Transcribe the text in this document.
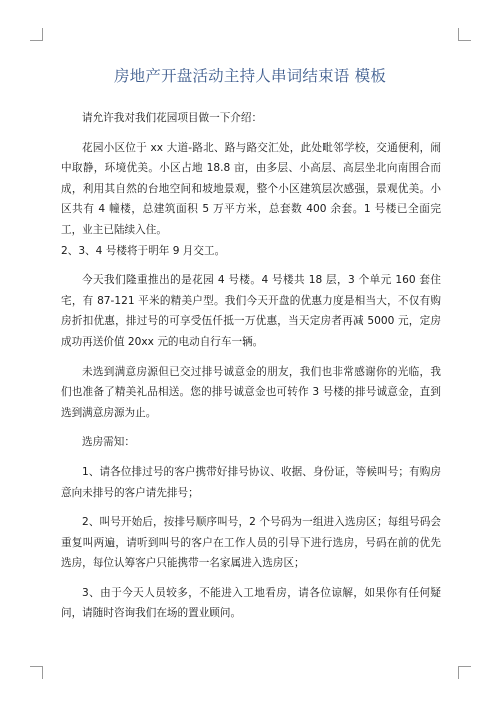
房地产开盘活动主持人串词结束语 模板

请允许我对我们花园项目做一下介绍：

花园小区位于 xx 大道-路北、路与路交汇处，此处毗邻学校，交通便利，闹中取静，环境优美。小区占地 18.8 亩，由多层、小高层、高层坐北向南围合而成，利用其自然的台地空间和坡地景观，整个小区建筑层次感强，景观优美。小区共有 4 幢楼，总建筑面积 5 万平方米，总套数 400 余套。1 号楼已全面完工，业主已陆续入住。

2、3、4 号楼将于明年 9 月交工。

今天我们隆重推出的是花园 4 号楼。4 号楼共 18 层，3 个单元 160 套住宅，有 87-121 平米的精美户型。我们今天开盘的优惠力度是相当大，不仅有购房折扣优惠，排过号的可享受伍仟抵一万优惠，当天定房者再减 5000 元，定房成功再送价值 20xx 元的电动自行车一辆。

未选到满意房源但已交过排号诚意金的朋友，我们也非常感谢你的光临，我们也准备了精美礼品相送。您的排号诚意金也可转作 3 号楼的排号诚意金，直到选到满意房源为止。

选房需知：

1、请各位排过号的客户携带好排号协议、收据、身份证，等候叫号；有购房意向未排号的客户请先排号；

2、叫号开始后，按排号顺序叫号，2 个号码为一组进入选房区；每组号码会重复叫两遍，请听到叫号的客户在工作人员的引导下进行选房，号码在前的优先选房，每位认筹客户只能携带一名家属进入选房区；

3、由于今天人员较多，不能进入工地看房，请各位谅解，如果你有任何疑问，请随时咨询我们在场的置业顾问。
